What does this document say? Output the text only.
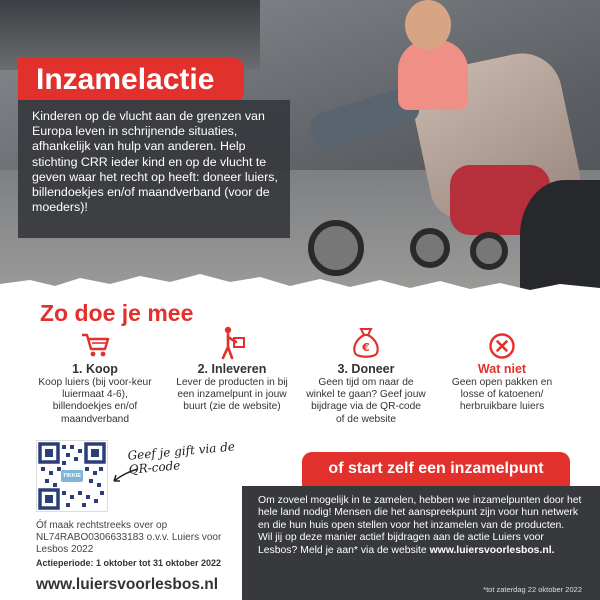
Inzamelactie
Kinderen op de vlucht aan de grenzen van Europa leven in schrijnende situaties, afhankelijk van hulp van anderen. Help stichting CRR ieder kind en op de vlucht te geven waar het recht op heeft: doneer luiers, billendoekjes en/of maandverband (voor de moeders)!
Zo doe je mee
1. Koop
Koop luiers (bij voor-keur luiermaat 4-6), billendoekjes en/of maandverband
2. Inleveren
Lever de producten in bij een inzamelpunt in jouw buurt (zie de website)
€
3. Doneer
Geen tijd om naar de winkel te gaan? Geef jouw bijdrage via de QR-code of de website
Wat niet
Geen open pakken en losse of katoenen/ herbruikbare luiers
TIKKIE
Geef je gift via de QR-code
Óf maak rechtstreeks over op NL74RABO0306633183 o.v.v. Luiers voor Lesbos 2022
Actieperiode: 1 oktober tot 31 oktober 2022
www.luiersvoorlesbos.nl
of start zelf een inzamelpunt
Om zoveel mogelijk in te zamelen, hebben we inzamelpunten door het hele land nodig! Mensen die het aanspreekpunt zijn voor hun netwerk en die hun huis open stellen voor het inzamelen van de producten.
Wil jij op deze manier actief bijdragen aan de actie Luiers voor Lesbos? Meld je aan* via de website www.luiersvoorlesbos.nl.
*tot zaterdag 22 oktober 2022
